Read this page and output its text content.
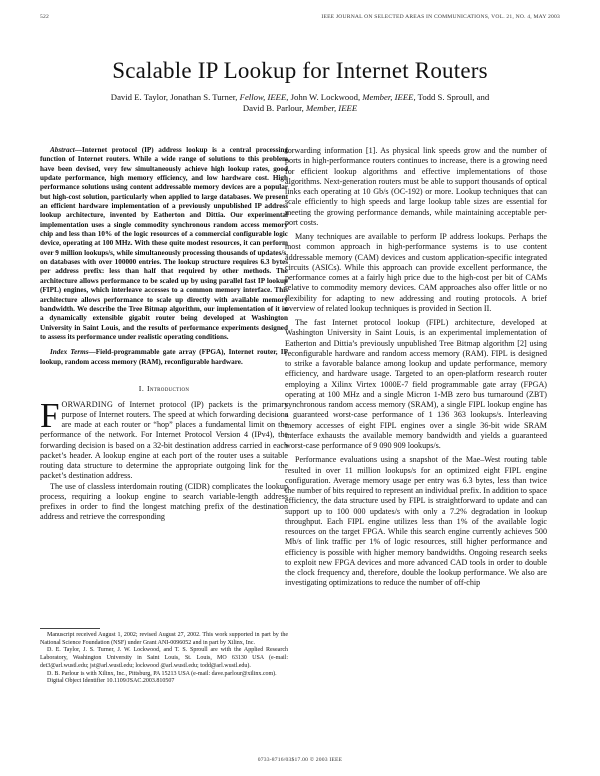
522	IEEE JOURNAL ON SELECTED AREAS IN COMMUNICATIONS, VOL. 21, NO. 4, MAY 2003
Scalable IP Lookup for Internet Routers
David E. Taylor, Jonathan S. Turner, Fellow, IEEE, John W. Lockwood, Member, IEEE, Todd S. Sproull, and
David B. Parlour, Member, IEEE
Abstract—Internet protocol (IP) address lookup is a central processing function of Internet routers. While a wide range of solutions to this problem have been devised, very few simultaneously achieve high lookup rates, good update performance, high memory efficiency, and low hardware cost. High performance solutions using content addressable memory devices are a popular but high-cost solution, particularly when applied to large databases. We present an efficient hardware implementation of a previously unpublished IP address lookup architecture, invented by Eatherton and Dittia. Our experimental implementation uses a single commodity synchronous random access memory chip and less than 10% of the logic resources of a commercial configurable logic device, operating at 100 MHz. With these quite modest resources, it can perform over 9 million lookups/s, while simultaneously processing thousands of updates/s, on databases with over 100000 entries. The lookup structure requires 6.3 bytes per address prefix: less than half that required by other methods. The architecture allows performance to be scaled up by using parallel fast IP lookup (FIPL) engines, which interleave accesses to a common memory interface. This architecture allows performance to scale up directly with available memory bandwidth. We describe the Tree Bitmap algorithm, our implementation of it in a dynamically extensible gigabit router being developed at Washington University in Saint Louis, and the results of performance experiments designed to assess its performance under realistic operating conditions.
Index Terms—Field-programmable gate array (FPGA), Internet router, IP lookup, random access memory (RAM), reconfigurable hardware.
I. Introduction

FORWARDING of Internet protocol (IP) packets is the primary purpose of Internet routers. The speed at which forwarding decisions are made at each router or “hop” places a fundamental limit on the performance of the network. For Internet Protocol Version 4 (IPv4), the forwarding decision is based on a 32-bit destination address carried in each packet’s header. A lookup engine at each port of the router uses a suitable routing data structure to determine the appropriate outgoing link for the packet’s destination address.

The use of classless interdomain routing (CIDR) complicates the lookup process, requiring a lookup engine to search variable-length address prefixes in order to find the longest matching prefix of the destination address and retrieve the corresponding

Manuscript received August 1, 2002; revised August 27, 2002. This work supported in part by the National Science Foundation (NSF) under Grant ANI-0096052 and in part by Xilinx, Inc.

D. E. Taylor, J. S. Turner, J. W. Lockwood, and T. S. Sproull are with the Applied Research Laboratory, Washington University in Saint Louis, St. Louis, MO 63130 USA (e-mail: det3@arl.wustl.edu; jst@arl.wustl.edu; lockwood @arl.wustl.edu; todd@arl.wustl.edu).

D. B. Parlour is with Xilinx, Inc., Pittsburg, PA 15213 USA (e-mail: dave.parlour@xilinx.com).

Digital Object Identifier 10.1109/JSAC.2003.810507

forwarding information [1]. As physical link speeds grow and the number of ports in high-performance routers continues to increase, there is a growing need for efficient lookup algorithms and effective implementations of those algorithms. Next-generation routers must be able to support thousands of optical links each operating at 10 Gb/s (OC-192) or more. Lookup techniques that can scale efficiently to high speeds and large lookup table sizes are essential for meeting the growing performance demands, while maintaining acceptable per-port costs.

Many techniques are available to perform IP address lookups. Perhaps the most common approach in high-performance systems is to use content addressable memory (CAM) devices and custom application-specific integrated circuits (ASICs). While this approach can provide excellent performance, the performance comes at a fairly high price due to the high-cost per bit of CAMs relative to commodity memory devices. CAM approaches also offer little or no flexibility for adapting to new addressing and routing protocols. A brief overview of related lookup techniques is provided in Section II.

The fast Internet protocol lookup (FIPL) architecture, developed at Washington University in Saint Louis, is an experimental implementation of Eatherton and Dittia’s previously unpublished Tree Bitmap algorithm [2] using reconfigurable hardware and random access memory (RAM). FIPL is designed to strike a favorable balance among lookup and update performance, memory efficiency, and hardware usage. Targeted to an open-platform research router employing a Xilinx Virtex 1000E-7 field programmable gate array (FPGA) operating at 100 MHz and a single Micron 1-MB zero bus turnaround (ZBT) synchronous random access memory (SRAM), a single FIPL lookup engine has a guaranteed worst-case performance of 1 136 363 lookups/s. Interleaving memory accesses of eight FIPL engines over a single 36-bit wide SRAM interface exhausts the available memory bandwidth and yields a guaranteed worst-case performance of 9 090 909 lookups/s.

Performance evaluations using a snapshot of the Mae–West routing table resulted in over 11 million lookups/s for an optimized eight FIPL engine configuration. Average memory usage per entry was 6.3 bytes, less than twice the number of bits required to represent an individual prefix. In addition to space efficiency, the data structure used by FIPL is straightforward to update and can support up to 100 000 updates/s with only a 7.2% degradation in lookup throughput. Each FIPL engine utilizes less than 1% of the available logic resources on the target FPGA. While this search engine currently achieves 500 Mb/s of link traffic per 1% of logic resources, still higher performance and efficiency is possible with higher memory bandwidths. Ongoing research seeks to exploit new FPGA devices and more advanced CAD tools in order to double the clock frequency and, therefore, double the lookup performance. We also are investigating optimizations to reduce the number of off-chip

0733-8716/03$17.00 © 2003 IEEE
